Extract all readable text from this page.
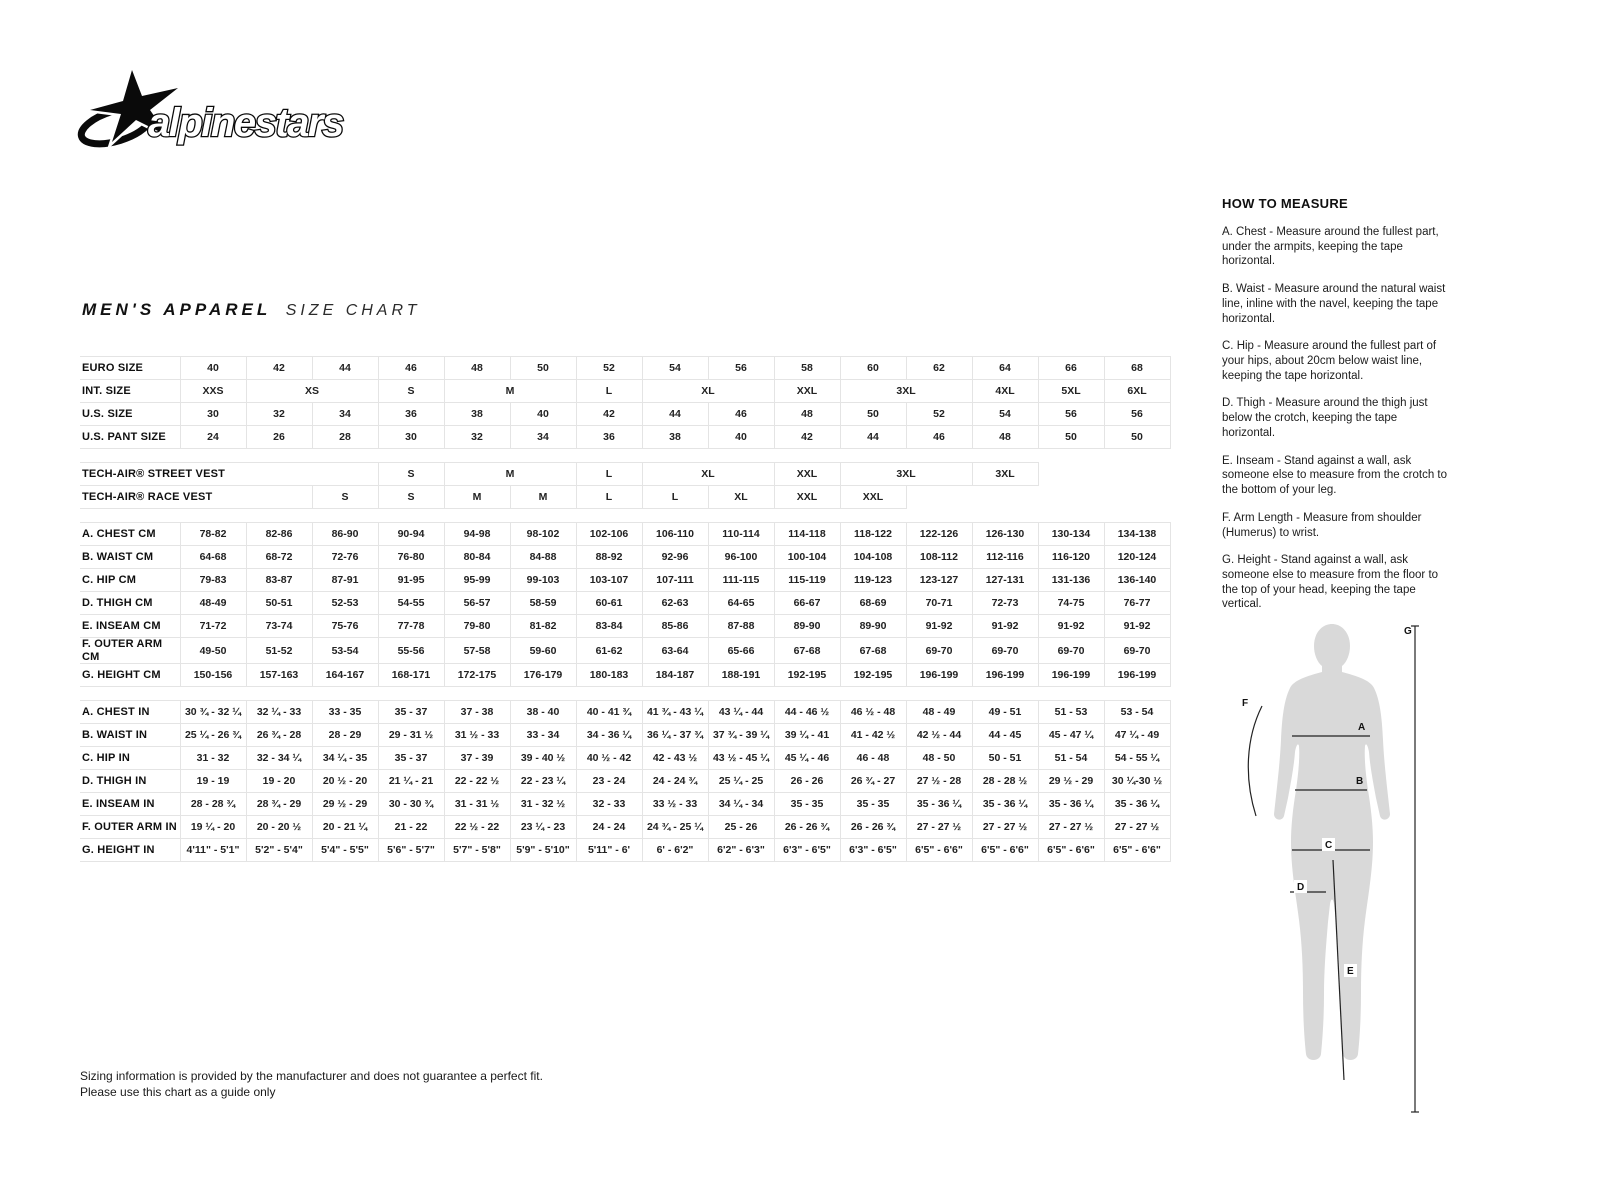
alpinestars
MEN'S APPAREL SIZE CHART
EURO SIZE	40	42	44	46	48	50	52	54	56	58	60	62	64	66	68
INT. SIZE	XXS	XS		S	M		L	XL		XXL	3XL		4XL	5XL	6XL
U.S. SIZE	30	32	34	36	38	40	42	44	46	48	50	52	54	56	56
U.S. PANT SIZE	24	26	28	30	32	34	36	38	40	42	44	46	48	50	50

TECH-AIR® STREET VEST				S	M		L	XL		XXL	3XL		3XL		
TECH-AIR® RACE VEST			S	S	M	M	L	L	XL	XXL	XXL				

A. CHEST CM	78-82	82-86	86-90	90-94	94-98	98-102	102-106	106-110	110-114	114-118	118-122	122-126	126-130	130-134	134-138
B. WAIST CM	64-68	68-72	72-76	76-80	80-84	84-88	88-92	92-96	96-100	100-104	104-108	108-112	112-116	116-120	120-124
C. HIP CM	79-83	83-87	87-91	91-95	95-99	99-103	103-107	107-111	111-115	115-119	119-123	123-127	127-131	131-136	136-140
D. THIGH CM	48-49	50-51	52-53	54-55	56-57	58-59	60-61	62-63	64-65	66-67	68-69	70-71	72-73	74-75	76-77
E. INSEAM CM	71-72	73-74	75-76	77-78	79-80	81-82	83-84	85-86	87-88	89-90	89-90	91-92	91-92	91-92	91-92
F. OUTER ARM CM	49-50	51-52	53-54	55-56	57-58	59-60	61-62	63-64	65-66	67-68	67-68	69-70	69-70	69-70	69-70
G. HEIGHT CM	150-156	157-163	164-167	168-171	172-175	176-179	180-183	184-187	188-191	192-195	192-195	196-199	196-199	196-199	196-199

A. CHEST IN	30 ¾ - 32 ¼	32 ¼ - 33	33 - 35	35 - 37	37 - 38	38 - 40	40 - 41 ¾	41 ¾ - 43 ¼	43 ¼ - 44	44 - 46 ½	46 ½ - 48	48 - 49	49 - 51	51 - 53	53 - 54
B. WAIST IN	25 ¼ - 26 ¾	26 ¾ - 28	28 - 29	29 - 31 ½	31 ½ - 33	33 - 34	34 - 36 ¼	36 ¼ - 37 ¾	37 ¾ - 39 ¼	39 ¼ - 41	41 - 42 ½	42 ½ - 44	44 - 45	45 - 47 ¼	47 ¼ - 49
C. HIP IN	31 - 32	32 - 34 ¼	34 ¼ - 35	35 - 37	37 - 39	39 - 40 ½	40 ½ - 42	42 - 43 ½	43 ½ - 45 ¼	45 ¼ - 46	46 - 48	48 - 50	50 - 51	51 - 54	54 - 55 ¼
D. THIGH IN	19 - 19	19 - 20	20 ½ - 20	21 ¼ - 21	22 - 22 ½	22 - 23 ¼	23 - 24	24 - 24 ¾	25 ¼ - 25	26 - 26	26 ¾ - 27	27 ½ - 28	28 - 28 ½	29 ½ - 29	30 ¼-30 ½
E. INSEAM IN	28 - 28 ¾	28 ¾ - 29	29 ½ - 29	30 - 30 ¾	31 - 31 ½	31 - 32 ½	32 - 33	33 ½ - 33	34 ¼ - 34	35 - 35	35 - 35	35 - 36 ¼	35 - 36 ¼	35 - 36 ¼	35 - 36 ¼
F. OUTER ARM IN	19 ¼ - 20	20 - 20 ½	20 - 21 ¼	21 - 22	22 ½ - 22	23 ¼ - 23	24 - 24	24 ¾ - 25 ¼	25 - 26	26 - 26 ¾	26 - 26 ¾	27 - 27 ½	27 - 27 ½	27 - 27 ½	27 - 27 ½
G. HEIGHT IN	4'11" - 5'1"	5'2" - 5'4"	5'4" - 5'5"	5'6" - 5'7"	5'7" - 5'8"	5'9" - 5'10"	5'11" - 6'	6' - 6'2"	6'2" - 6'3"	6'3" - 6'5"	6'3" - 6'5"	6'5" - 6'6"	6'5" - 6'6"	6'5" - 6'6"	6'5" - 6'6"
HOW TO MEASURE

A. Chest - Measure around the fullest part, under the armpits, keeping the tape horizontal.

B. Waist - Measure around the natural waist line, inline with the navel, keeping the tape horizontal.

C. Hip - Measure around the fullest part of your hips, about 20cm below waist line, keeping the tape horizontal.

D. Thigh - Measure around the thigh just below the crotch, keeping the tape horizontal.

E. Inseam - Stand against a wall, ask someone else to measure from the crotch to the bottom of your leg.

F. Arm Length - Measure from shoulder (Humerus) to wrist.

G. Height - Stand against a wall, ask someone else to measure from the floor to the top of your head, keeping the tape vertical.

G
F
A
B
C
D
E
Sizing information is provided by the manufacturer and does not guarantee a perfect fit.
Please use this chart as a guide only
